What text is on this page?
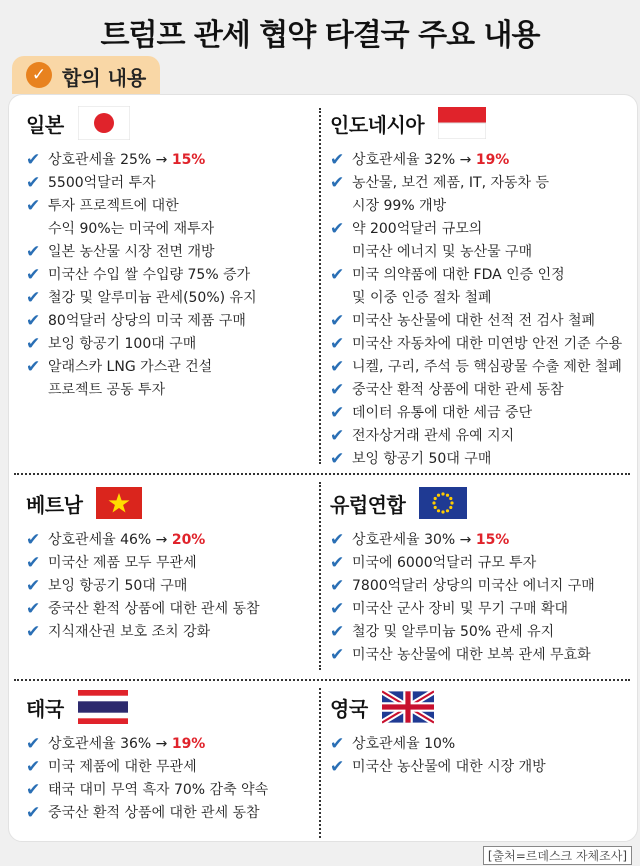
트럼프 관세 협약 타결국 주요 내용
✓ 합의 내용
일본
✔ 상호관세율 25% → 15%
✔ 5500억달러 투자
✔ 투자 프로젝트에 대한
수익 90%는 미국에 재투자
✔ 일본 농산물 시장 전면 개방
✔ 미국산 수입 쌀 수입량 75% 증가
✔ 철강 및 알루미늄 관세(50%) 유지
✔ 80억달러 상당의 미국 제품 구매
✔ 보잉 항공기 100대 구매
✔ 알래스카 LNG 가스관 건설
프로젝트 공동 투자
인도네시아
✔ 상호관세율 32% → 19%
✔ 농산물, 보건 제품, IT, 자동차 등
시장 99% 개방
✔ 약 200억달러 규모의
미국산 에너지 및 농산물 구매
✔ 미국 의약품에 대한 FDA 인증 인정
및 이중 인증 절차 철폐
✔ 미국산 농산물에 대한 선적 전 검사 철폐
✔ 미국산 자동차에 대한 미연방 안전 기준 수용
✔ 니켈, 구리, 주석 등 핵심광물 수출 제한 철폐
✔ 중국산 환적 상품에 대한 관세 동참
✔ 데이터 유통에 대한 세금 중단
✔ 전자상거래 관세 유예 지지
✔ 보잉 항공기 50대 구매
베트남
✔ 상호관세율 46% → 20%
✔ 미국산 제품 모두 무관세
✔ 보잉 항공기 50대 구매
✔ 중국산 환적 상품에 대한 관세 동참
✔ 지식재산권 보호 조치 강화
유럽연합
✔ 상호관세율 30% → 15%
✔ 미국에 6000억달러 규모 투자
✔ 7800억달러 상당의 미국산 에너지 구매
✔ 미국산 군사 장비 및 무기 구매 확대
✔ 철강 및 알루미늄 50% 관세 유지
✔ 미국산 농산물에 대한 보복 관세 무효화
태국
✔ 상호관세율 36% → 19%
✔ 미국 제품에 대한 무관세
✔ 태국 대미 무역 흑자 70% 감축 약속
✔ 중국산 환적 상품에 대한 관세 동참
영국
✔ 상호관세율 10%
✔ 미국산 농산물에 대한 시장 개방
[출처=르데스크 자체조사]
